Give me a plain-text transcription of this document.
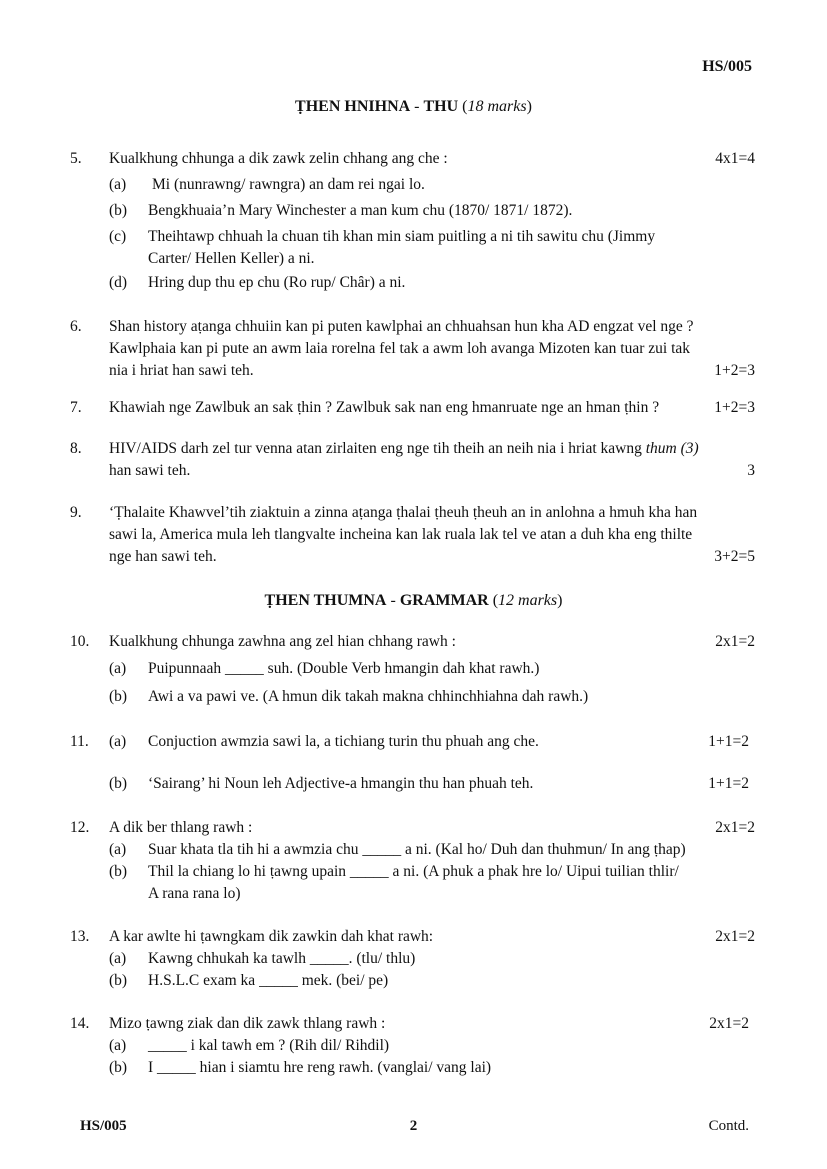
HS/005
ṬHEN HNIHNA - THU (18 marks)
5.	Kualkhung chhunga a dik zawk zelin chhang ang che :	4x1=4
(a)	Mi (nunrawng/ rawngra) an dam rei ngai lo.
(b)	Bengkhuaia’n Mary Winchester a man kum chu (1870/ 1871/ 1872).
(c)	Theihtawp chhuah la chuan tih khan min siam puitling a ni tih sawitu chu (Jimmy
Carter/ Hellen Keller) a ni.
(d)	Hring dup thu ep chu (Ro rup/ Chȃr) a ni.
6.	Shan history aṭanga chhuiin kan pi puten kawlphai an chhuahsan hun kha AD engzat vel nge ?
Kawlphaia kan pi pute an awm laia rorelna fel tak a awm loh avanga Mizoten kan tuar zui tak
nia i hriat han sawi teh.	1+2=3
7.	Khawiah nge Zawlbuk an sak ṭhin ? Zawlbuk sak nan eng hmanruate nge an hman ṭhin ?	1+2=3
8.	HIV/AIDS darh zel tur venna atan zirlaiten eng nge tih theih an neih nia i hriat kawng thum (3)
han sawi teh.	3
9.	‘Ṭhalaite Khawvel’tih ziaktuin a zinna aṭanga ṭhalai ṭheuh ṭheuh an in anlohna a hmuh kha han
sawi la, America mula leh tlangvalte incheina kan lak ruala lak tel ve atan a duh kha eng thilte
nge han sawi teh.	3+2=5
ṬHEN THUMNA - GRAMMAR (12 marks)
10.	Kualkhung chhunga zawhna ang zel hian chhang rawh :	2x1=2
(a)	Puipunnaah _____ suh. (Double Verb hmangin dah khat rawh.)
(b)	Awi a va pawi ve. (A hmun dik takah makna chhinchhiahna dah rawh.)
11.	(a)	Conjuction awmzia sawi la, a tichiang turin thu phuah ang che.	1+1=2
(b)	‘Sairang’ hi Noun leh Adjective-a hmangin thu han phuah teh.	1+1=2
12.	A dik ber thlang rawh :	2x1=2
(a)	Suar khata tla tih hi a awmzia chu _____ a ni. (Kal ho/ Duh dan thuhmun/ In ang ṭhap)
(b)	Thil la chiang lo hi ṭawng upain _____ a ni. (A phuk a phak hre lo/ Uipui tuilian thlir/
A rana rana lo)
13.	A kar awlte hi ṭawngkam dik zawkin dah khat rawh:	2x1=2
(a)	Kawng chhukah ka tawlh _____. (tlu/ thlu)
(b)	H.S.L.C exam ka _____ mek. (bei/ pe)
14.	Mizo ṭawng ziak dan dik zawk thlang rawh :	2x1=2
(a)	_____ i kal tawh em ? (Rih dil/ Rihdil)
(b)	I _____ hian i siamtu hre reng rawh. (vanglai/ vang lai)
HS/005	2	Contd.
